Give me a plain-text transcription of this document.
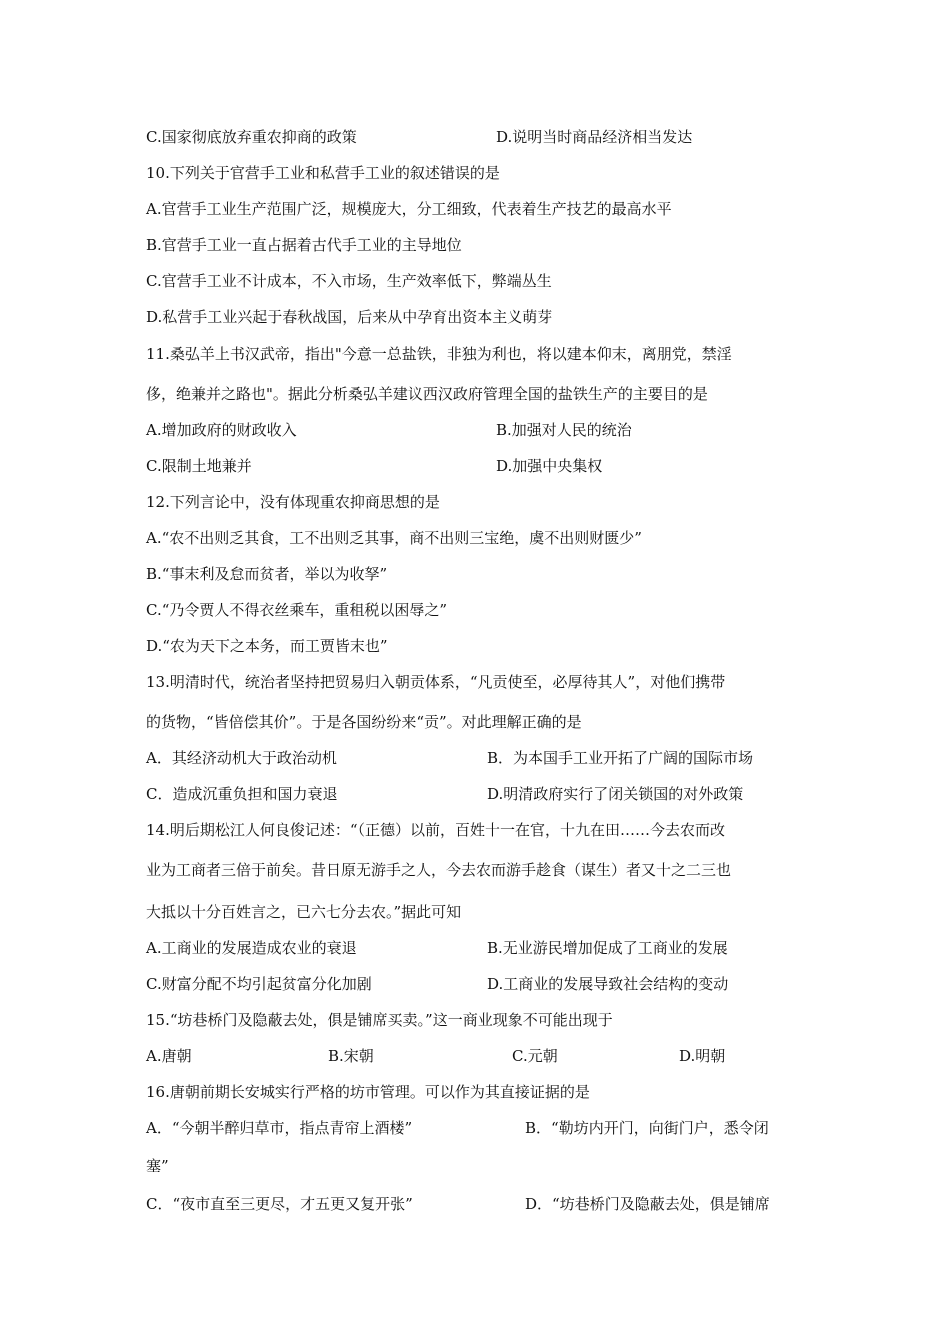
C.国家彻底放弃重农抑商的政策	D.说明当时商品经济相当发达
10.下列关于官营手工业和私营手工业的叙述错误的是
A.官营手工业生产范围广泛，规模庞大，分工细致，代表着生产技艺的最高水平
B.官营手工业一直占据着古代手工业的主导地位
C.官营手工业不计成本，不入市场，生产效率低下，弊端丛生
D.私营手工业兴起于春秋战国，后来从中孕育出资本主义萌芽
11.桑弘羊上书汉武帝，指出"今意一总盐铁，非独为利也，将以建本仰末，离朋党，禁淫
侈，绝兼并之路也"。据此分析桑弘羊建议西汉政府管理全国的盐铁生产的主要目的是
A.增加政府的财政收入	B.加强对人民的统治
C.限制土地兼并	D.加强中央集权
12.下列言论中，没有体现重农抑商思想的是
A.“农不出则乏其食，工不出则乏其事，商不出则三宝绝，虞不出则财匮少”
B.“事末利及怠而贫者，举以为收孥”
C.“乃令贾人不得衣丝乘车，重租税以困辱之”
D.“农为天下之本务，而工贾皆末也”
13.明清时代，统治者坚持把贸易归入朝贡体系，“凡贡使至，必厚待其人”，对他们携带
的货物，“皆倍偿其价”。于是各国纷纷来“贡”。对此理解正确的是
A．其经济动机大于政治动机	B．为本国手工业开拓了广阔的国际市场
C．造成沉重负担和国力衰退	D.明清政府实行了闭关锁国的对外政策
14.明后期松江人何良俊记述：“（正德）以前，百姓十一在官，十九在田……今去农而改
业为工商者三倍于前矣。昔日原无游手之人，今去农而游手趁食（谋生）者又十之二三也
大抵以十分百姓言之，已六七分去农。”据此可知
A.工商业的发展造成农业的衰退	B.无业游民增加促成了工商业的发展
C.财富分配不均引起贫富分化加剧	D.工商业的发展导致社会结构的变动
15.“坊巷桥门及隐蔽去处，俱是铺席买卖。”这一商业现象不可能出现于
A.唐朝	B.宋朝	C.元朝	D.明朝
16.唐朝前期长安城实行严格的坊市管理。可以作为其直接证据的是
A．“今朝半醉归草市，指点青帘上酒楼”	B．“勒坊内开门，向街门户，悉令闭
塞”
C．“夜市直至三更尽，才五更又复开张”	D．“坊巷桥门及隐蔽去处，俱是铺席
